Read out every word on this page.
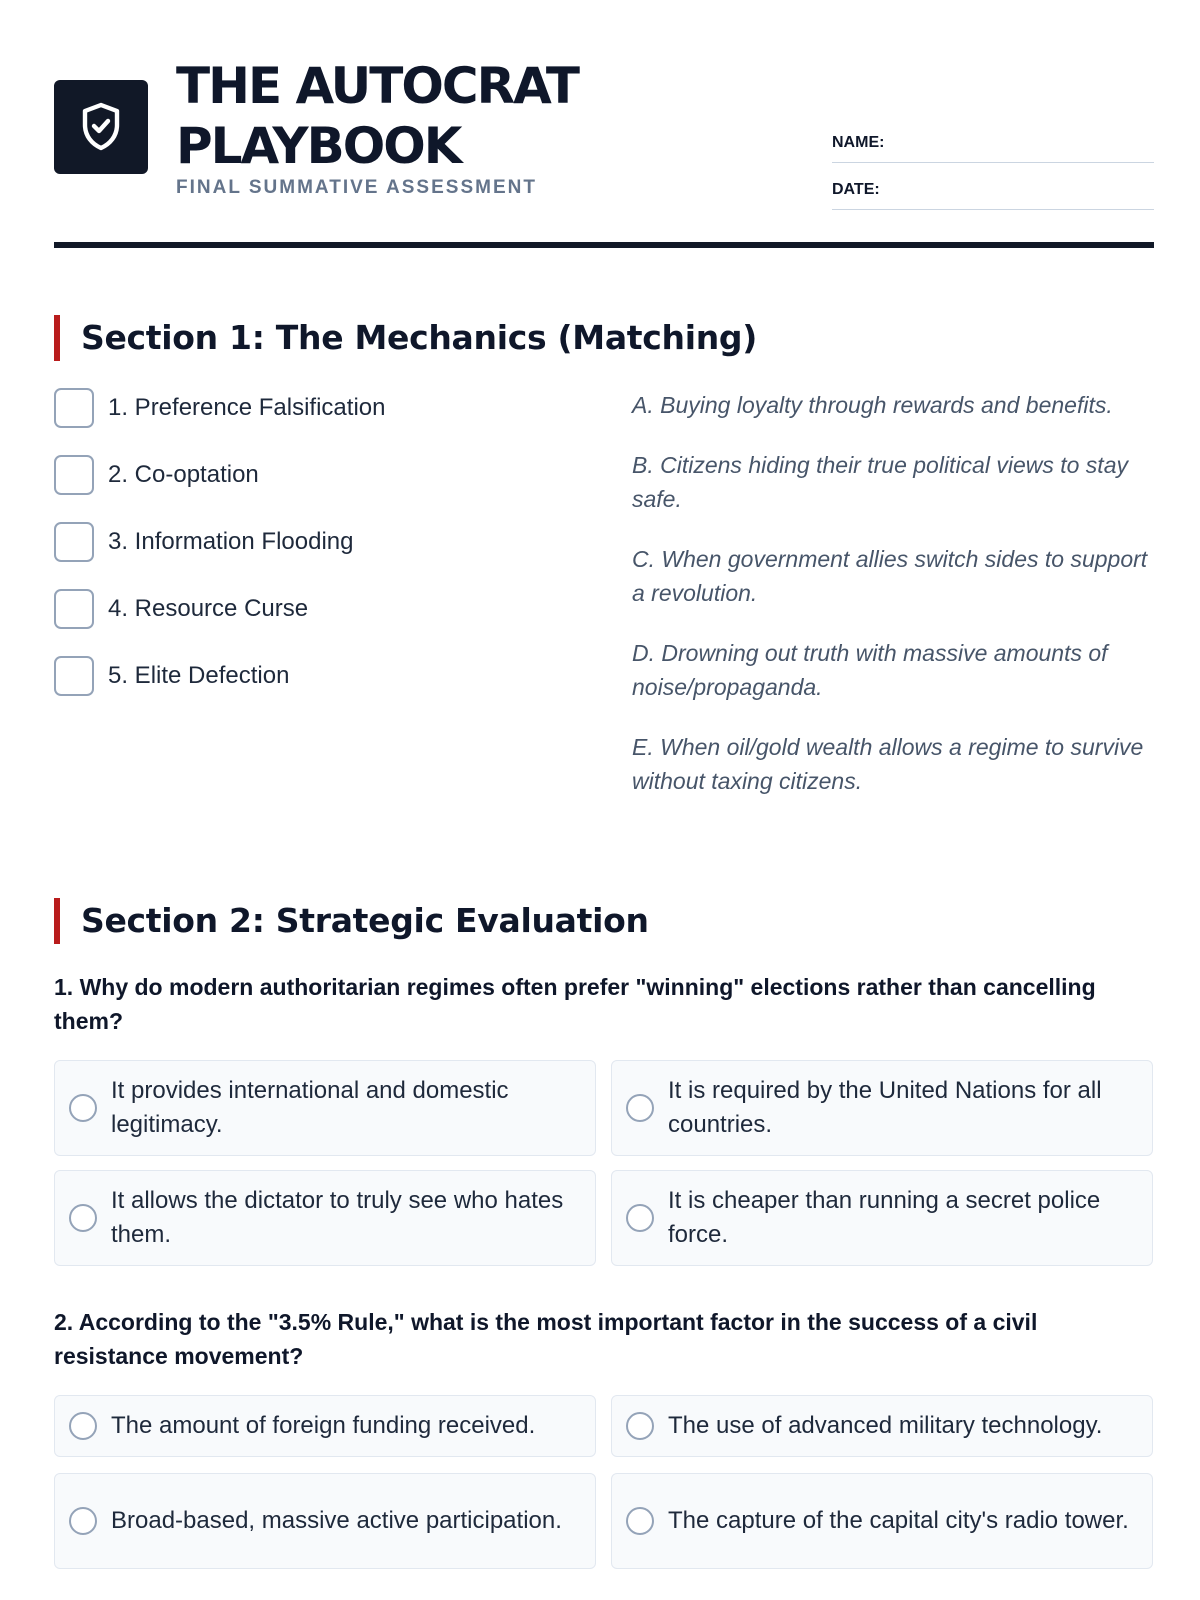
THE AUTOCRAT
PLAYBOOK
FINAL SUMMATIVE ASSESSMENT
NAME:
DATE:
Section 1: The Mechanics (Matching)
1. Preference Falsification
2. Co-optation
3. Information Flooding
4. Resource Curse
5. Elite Defection

A. Buying loyalty through rewards and benefits.

B. Citizens hiding their true political views to stay safe.

C. When government allies switch sides to support a revolution.

D. Drowning out truth with massive amounts of noise/propaganda.

E. When oil/gold wealth allows a regime to survive without taxing citizens.

Section 2: Strategic Evaluation
1. Why do modern authoritarian regimes often prefer "winning" elections rather than cancelling them?
It provides international and domestic legitimacy.
It is required by the United Nations for all countries.
It allows the dictator to truly see who hates them.
It is cheaper than running a secret police force.
2. According to the "3.5% Rule," what is the most important factor in the success of a civil resistance movement?
The amount of foreign funding received.	The use of advanced military technology.
Broad-based, massive active participation.	The capture of the capital city's radio tower.
